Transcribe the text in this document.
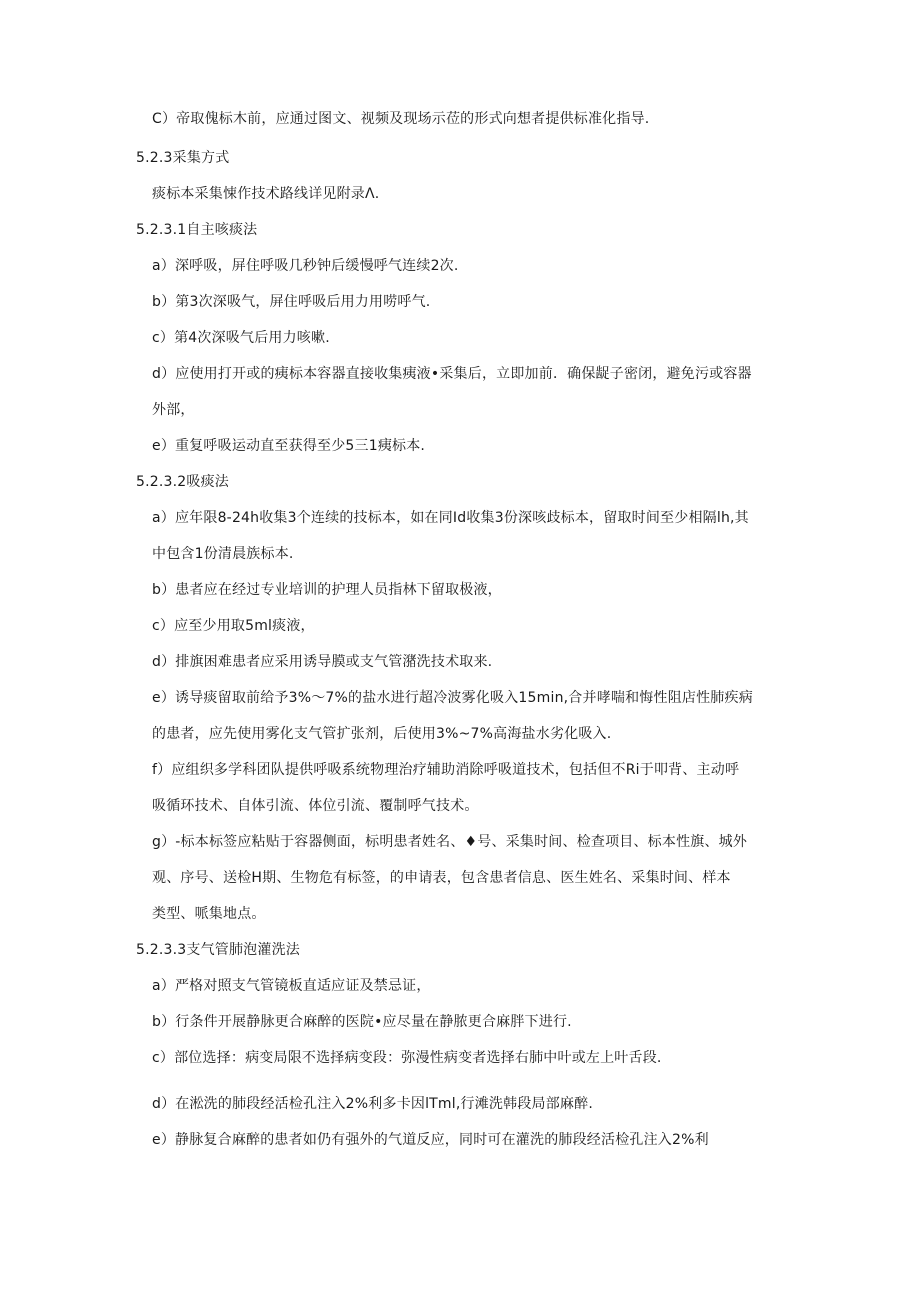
C）帝取傀标木前，应通过图文、视频及现场示莅的形式向想者提供标准化指导.
5.2.3采集方式
痰标本采集悚作技术路线详见附录Λ.
5.2.3.1自主咳痰法
a）深呼吸，屏住呼吸几秒钟后缓慢呼气连续2次.
b）第3次深吸气，屏住呼吸后用力用唠呼气.
c）第4次深吸气后用力咳嗽.
d）应使用打开或的痍标本容器直接收集痍液•采集后，立即加前．确保龊子密闭，避免污或容器
外部，
e）重复呼吸运动直至获得至少5三1痍标本.
5.2.3.2吸痰法
a）应年限8-24h收集3个连续的技标本，如在同Id收集3份深咳歧标本，留取时间至少相隔lh,其
中包含1份清晨族标本.
b）患者应在经过专业培训的护理人员指林下留取极液，
c）应至少用取5ml痰液，
d）排旗困难患者应采用诱导膜或支气管潴洗技术取来.
e）诱导痰留取前给予3%～7%的盐水进行超冷波雾化吸入15min,合并哮喘和悔性阻店性肺疾病
的患者，应先使用雾化支气管扩张剂，后使用3%~7%高海盐水劣化吸入.
f）应组织多学科团队提供呼吸系统物理治疗辅助消除呼吸道技术，包括但不Ri于叩背、主动呼
吸循环技术、自体引流、体位引流、覆制呼气技术。
g）-标本标签应粘贴于容器侧面，标明患者姓名、♦号、采集时间、检查项目、标本性旗、城外
观、序号、送检H期、生物危有标签，的申请表，包含患者信息、医生姓名、采集时间、样本
类型、哌集地点。
5.2.3.3支气管肺泡灌洗法
a）严格对照支气管镜板直适应证及禁忌证，
b）行条件开展静脉更合麻醉的医院•应尽量在静脓更合麻胖下进行.
c）部位选择：病变局限不选择病变段：弥漫性病变者选择右肺中叶或左上叶舌段.
d）在淞洗的肺段经活检孔注入2%利多卡因lTml,行滩洗韩段局部麻醉.
e）静脉复合麻醉的患者如仍有强外的气道反应，同时可在灌洗的肺段经活检孔注入2%利
